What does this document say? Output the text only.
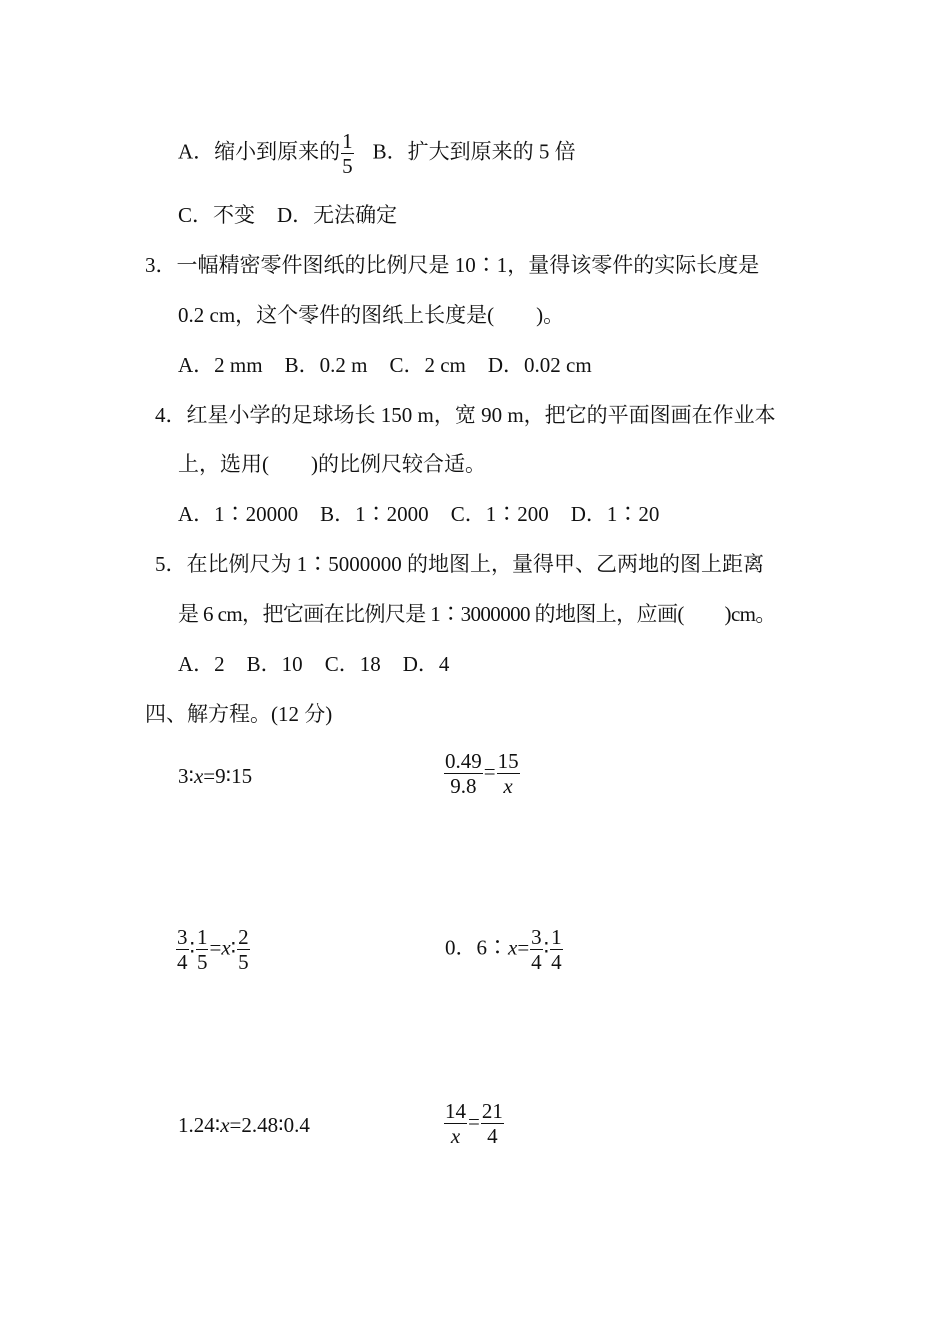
A．缩小到原来的 $\frac{1}{5}$ B．扩大到原来的 5 倍
C．不变 D．无法确定
3．一幅精密零件图纸的比例尺是 10∶1，量得该零件的实际长度是
0.2 cm，这个零件的图纸上长度是(　　)。
A．2 mm B．0.2 m C．2 cm D．0.02 cm
4．红星小学的足球场长 150 m，宽 90 m，把它的平面图画在作业本
上，选用(　　)的比例尺较合适。
A．1∶20000 B．1∶2000 C．1∶200 D．1∶20
5．在比例尺为 1∶5000000 的地图上，量得甲、乙两地的图上距离
是 6 cm，把它画在比例尺是 1∶3000000 的地图上，应画(　　)cm。
A．2 B．10 C．18 D．4
四、解方程。(12 分)
3∶x=9∶15	$\frac{0.49}{9.8} = \frac{15}{x}$
$\frac{3}{4}$ ∶ $\frac{1}{5}$ =x∶ $\frac{2}{5}$	0．6∶x= $\frac{3}{4}$ ∶ $\frac{1}{4}$
1.24∶x=2.48∶0.4	$\frac{14}{x} = \frac{21}{4}$
